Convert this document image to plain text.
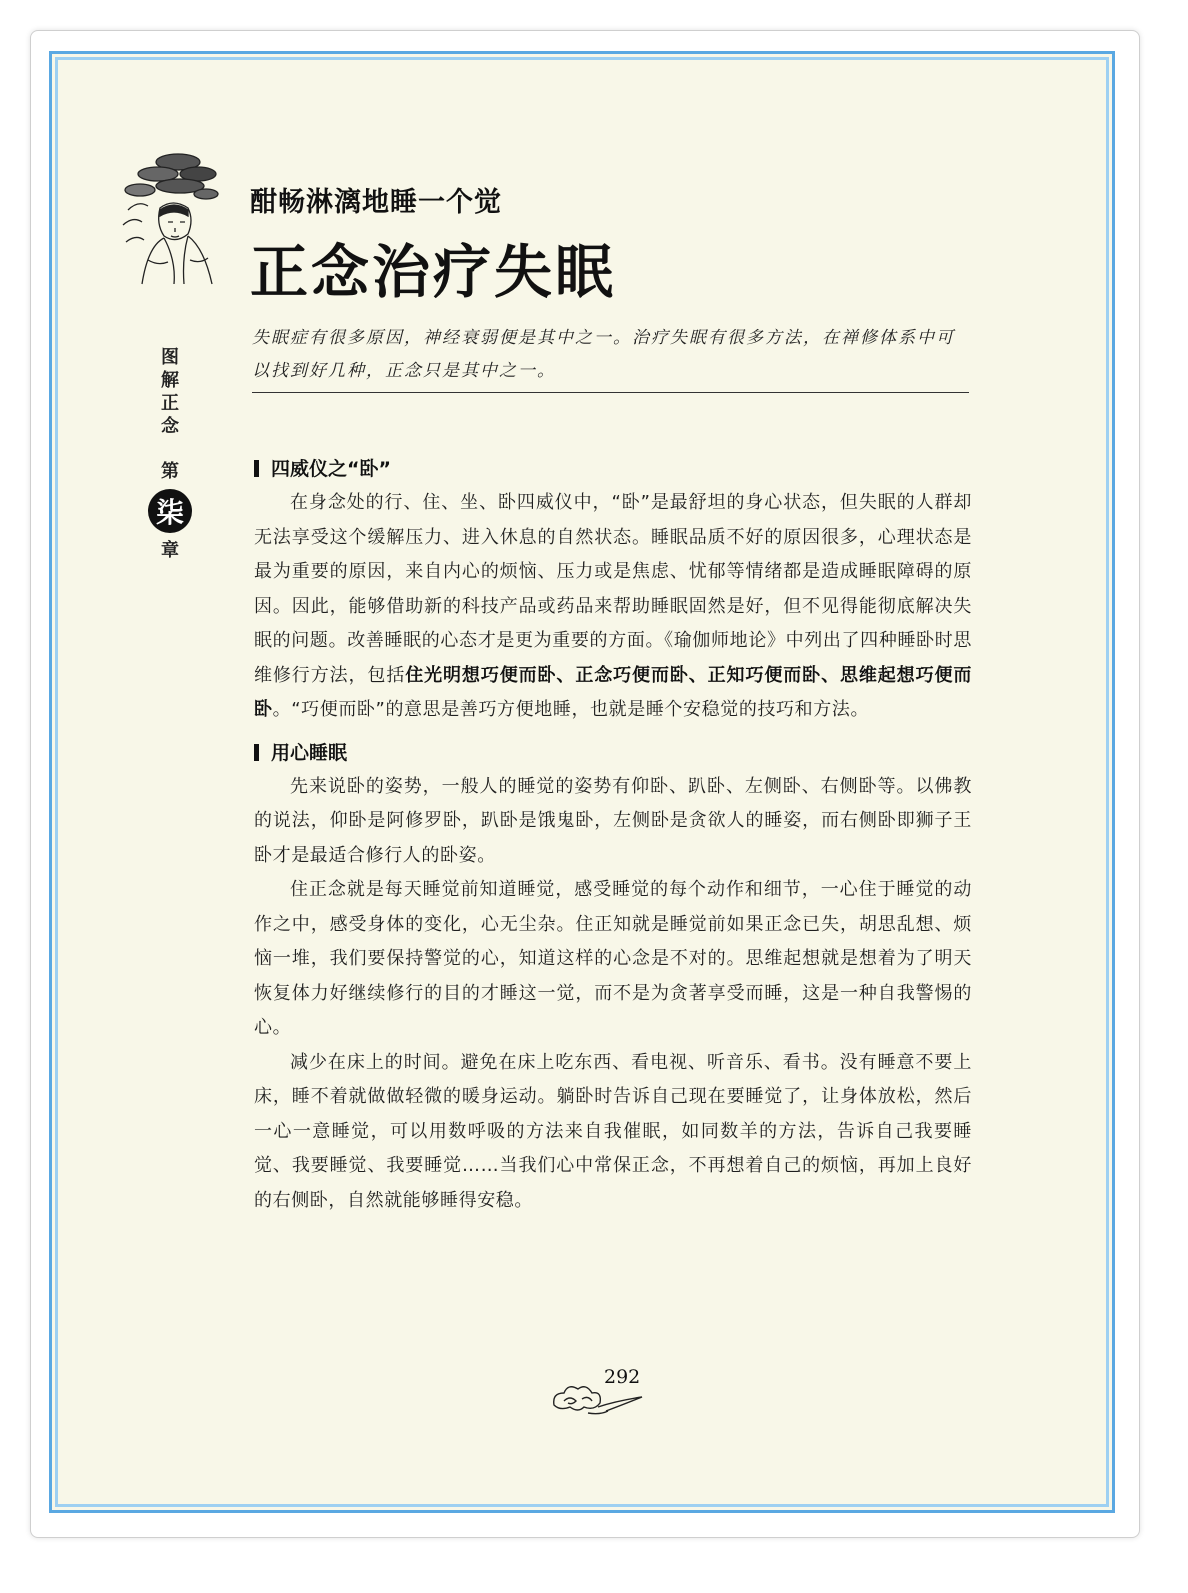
酣畅淋漓地睡一个觉
正念治疗失眠
失眠症有很多原因，神经衰弱便是其中之一。治疗失眠有很多方法，在禅修体系中可以找到好几种，正念只是其中之一。
图
解
正
念
第
柒
章
四威仪之“卧”

在身念处的行、住、坐、卧四威仪中，“卧”是最舒坦的身心状态，但失眠的人群却无法享受这个缓解压力、进入休息的自然状态。睡眠品质不好的原因很多，心理状态是最为重要的原因，来自内心的烦恼、压力或是焦虑、忧郁等情绪都是造成睡眠障碍的原因。因此，能够借助新的科技产品或药品来帮助睡眠固然是好，但不见得能彻底解决失眠的问题。改善睡眠的心态才是更为重要的方面。《瑜伽师地论》中列出了四种睡卧时思维修行方法，包括住光明想巧便而卧、正念巧便而卧、正知巧便而卧、思维起想巧便而卧。“巧便而卧”的意思是善巧方便地睡，也就是睡个安稳觉的技巧和方法。

用心睡眠

先来说卧的姿势，一般人的睡觉的姿势有仰卧、趴卧、左侧卧、右侧卧等。以佛教的说法，仰卧是阿修罗卧，趴卧是饿鬼卧，左侧卧是贪欲人的睡姿，而右侧卧即狮子王卧才是最适合修行人的卧姿。

住正念就是每天睡觉前知道睡觉，感受睡觉的每个动作和细节，一心住于睡觉的动作之中，感受身体的变化，心无尘杂。住正知就是睡觉前如果正念已失，胡思乱想、烦恼一堆，我们要保持警觉的心，知道这样的心念是不对的。思维起想就是想着为了明天恢复体力好继续修行的目的才睡这一觉，而不是为贪著享受而睡，这是一种自我警惕的心。

减少在床上的时间。避免在床上吃东西、看电视、听音乐、看书。没有睡意不要上床，睡不着就做做轻微的暖身运动。躺卧时告诉自己现在要睡觉了，让身体放松，然后一心一意睡觉，可以用数呼吸的方法来自我催眠，如同数羊的方法，告诉自己我要睡觉、我要睡觉、我要睡觉……当我们心中常保正念，不再想着自己的烦恼，再加上良好的右侧卧，自然就能够睡得安稳。

292
